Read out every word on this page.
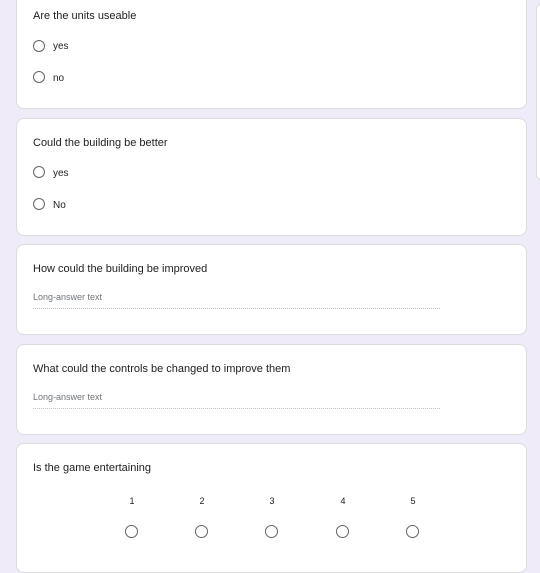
Are the units useable
yes
no
Could the building be better
yes
No
How could the building be improved
Long-answer text
What could the controls be changed to improve them
Long-answer text
Is the game entertaining
1	2	3	4	5
